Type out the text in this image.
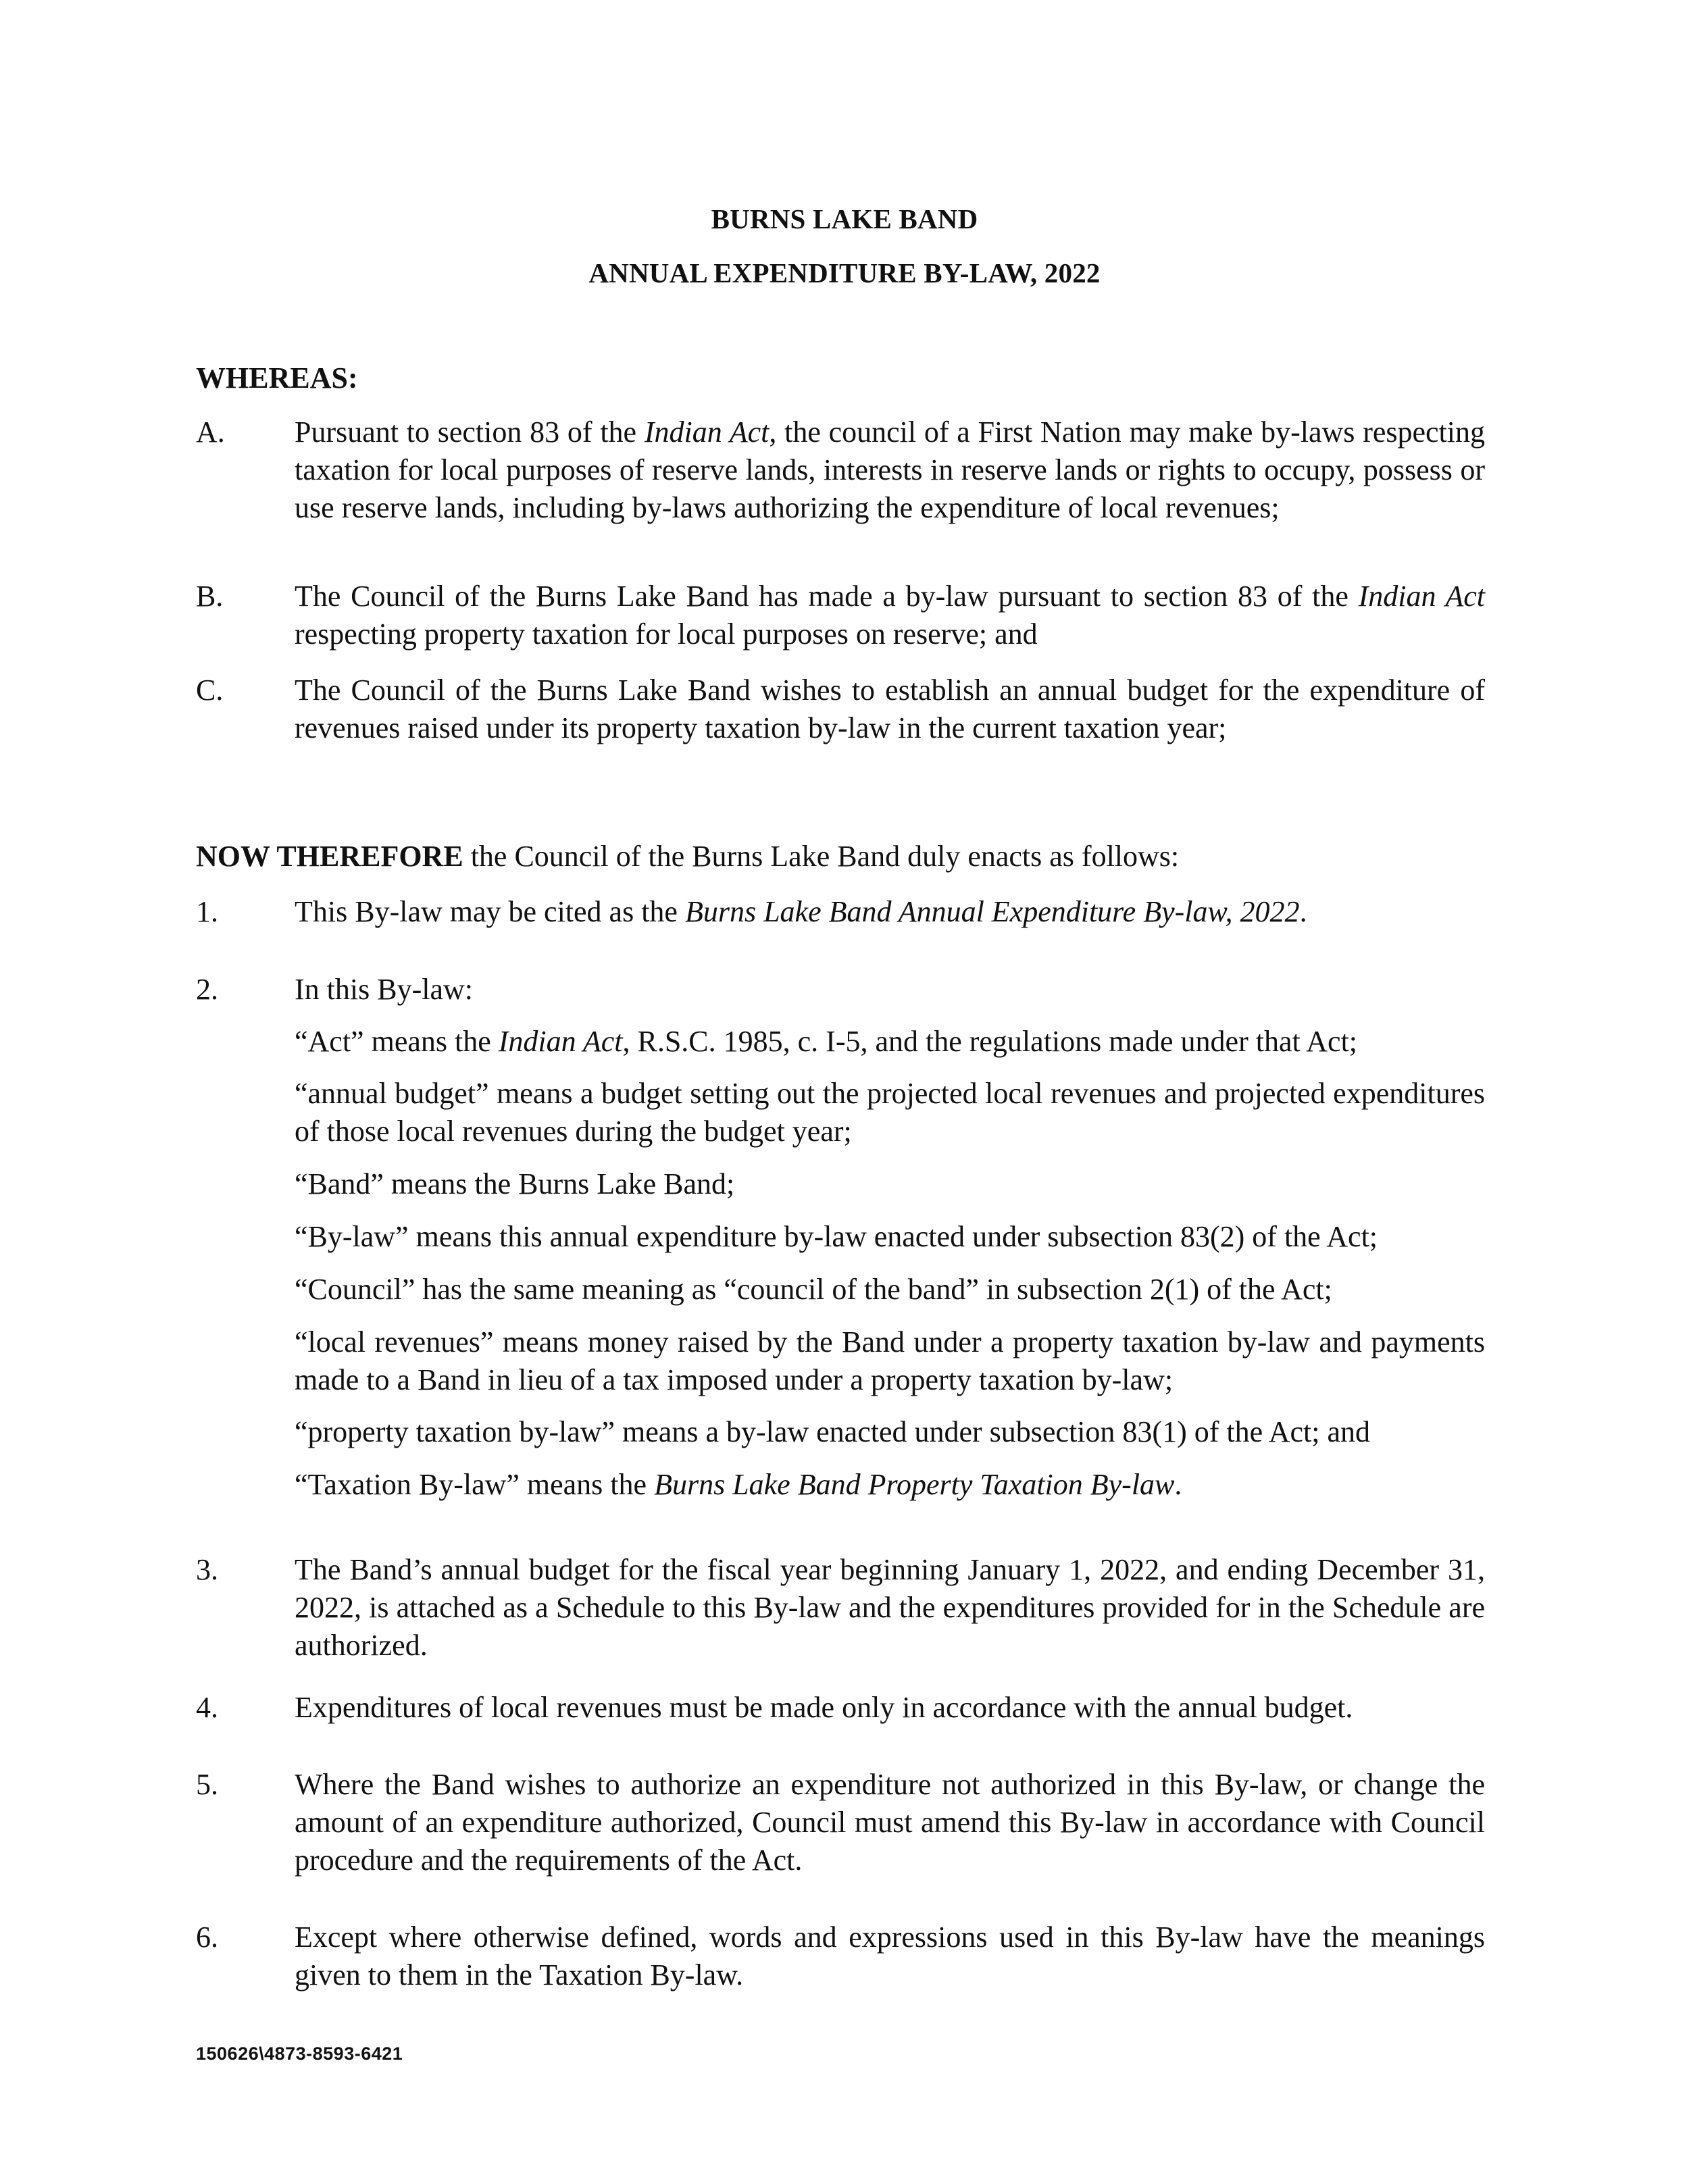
BURNS LAKE BAND
ANNUAL EXPENDITURE BY-LAW, 2022
WHEREAS:
A. Pursuant to section 83 of the Indian Act, the council of a First Nation may make by-laws respecting taxation for local purposes of reserve lands, interests in reserve lands or rights to occupy, possess or use reserve lands, including by-laws authorizing the expenditure of local revenues;
B. The Council of the Burns Lake Band has made a by-law pursuant to section 83 of the Indian Act respecting property taxation for local purposes on reserve; and
C. The Council of the Burns Lake Band wishes to establish an annual budget for the expenditure of revenues raised under its property taxation by-law in the current taxation year;
NOW THEREFORE the Council of the Burns Lake Band duly enacts as follows:
1.	This By-law may be cited as the Burns Lake Band Annual Expenditure By-law, 2022.
2.	In this By-law:
“Act” means the Indian Act, R.S.C. 1985, c. I-5, and the regulations made under that Act;
“annual budget” means a budget setting out the projected local revenues and projected expenditures of those local revenues during the budget year;
“Band” means the Burns Lake Band;
“By-law” means this annual expenditure by-law enacted under subsection 83(2) of the Act;
“Council” has the same meaning as “council of the band” in subsection 2(1) of the Act;
“local revenues” means money raised by the Band under a property taxation by-law and payments made to a Band in lieu of a tax imposed under a property taxation by-law;
“property taxation by-law” means a by-law enacted under subsection 83(1) of the Act; and
“Taxation By-law” means the Burns Lake Band Property Taxation By-law.
3.	The Band’s annual budget for the fiscal year beginning January 1, 2022, and ending December 31, 2022, is attached as a Schedule to this By-law and the expenditures provided for in the Schedule are authorized.
4.	Expenditures of local revenues must be made only in accordance with the annual budget.
5.	Where the Band wishes to authorize an expenditure not authorized in this By-law, or change the amount of an expenditure authorized, Council must amend this By-law in accordance with Council procedure and the requirements of the Act.
6.	Except where otherwise defined, words and expressions used in this By-law have the meanings given to them in the Taxation By-law.
150626\4873-8593-6421
